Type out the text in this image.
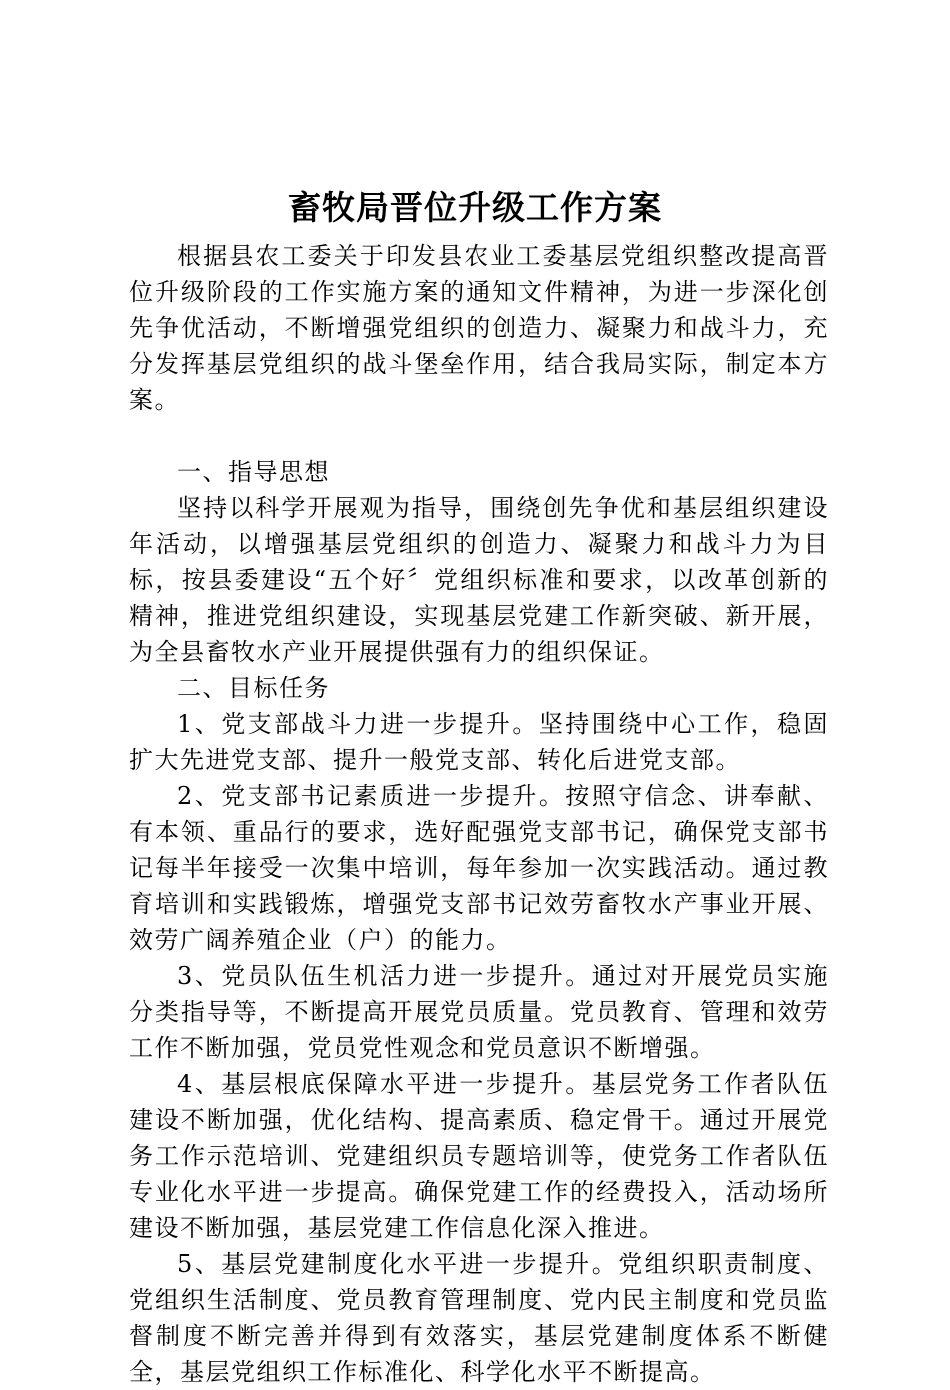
畜牧局晋位升级工作方案

根据县农工委关于印发县农业工委基层党组织整改提高晋位升级阶段的工作实施方案的通知文件精神，为进一步深化创先争优活动，不断增强党组织的创造力、凝聚力和战斗力，充分发挥基层党组织的战斗堡垒作用，结合我局实际，制定本方案。

一、指导思想

坚持以科学开展观为指导，围绕创先争优和基层组织建设年活动，以增强基层党组织的创造力、凝聚力和战斗力为目标，按县委建设“五个好〞党组织标准和要求，以改革创新的精神，推进党组织建设，实现基层党建工作新突破、新开展，为全县畜牧水产业开展提供强有力的组织保证。

二、目标任务

1、党支部战斗力进一步提升。坚持围绕中心工作，稳固扩大先进党支部、提升一般党支部、转化后进党支部。

2、党支部书记素质进一步提升。按照守信念、讲奉献、有本领、重品行的要求，选好配强党支部书记，确保党支部书记每半年接受一次集中培训，每年参加一次实践活动。通过教育培训和实践锻炼，增强党支部书记效劳畜牧水产事业开展、效劳广阔养殖企业（户）的能力。

3、党员队伍生机活力进一步提升。通过对开展党员实施分类指导等，不断提高开展党员质量。党员教育、管理和效劳工作不断加强，党员党性观念和党员意识不断增强。

4、基层根底保障水平进一步提升。基层党务工作者队伍建设不断加强，优化结构、提高素质、稳定骨干。通过开展党务工作示范培训、党建组织员专题培训等，使党务工作者队伍专业化水平进一步提高。确保党建工作的经费投入，活动场所建设不断加强，基层党建工作信息化深入推进。

5、基层党建制度化水平进一步提升。党组织职责制度、党组织生活制度、党员教育管理制度、党内民主制度和党员监督制度不断完善并得到有效落实，基层党建制度体系不断健全，基层党组织工作标准化、科学化水平不断提高。
